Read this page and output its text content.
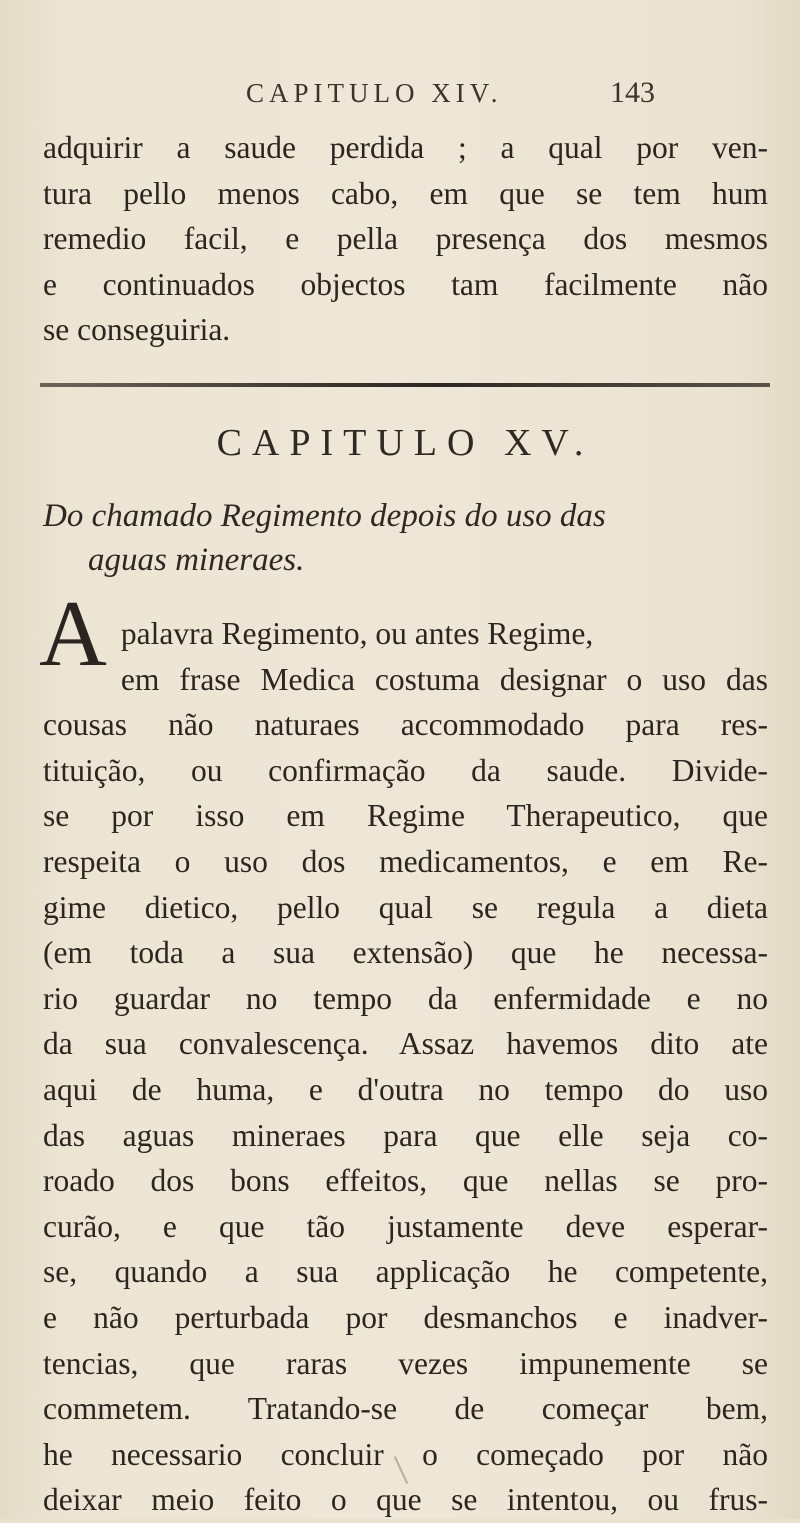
CAPITULO XIV.	143
adquirir a saude perdida ; a qual por ven-
tura pello menos cabo, em que se tem hum
remedio facil, e pella presença dos mesmos
e continuados objectos tam facilmente não
se conseguiria.
CAPITULO XV.
Do chamado Regimento depois do uso das
aguas mineraes.
A palavra Regimento, ou antes Regime,
em frase Medica costuma designar o uso das
cousas não naturaes accommodado para res-
tituição, ou confirmação da saude. Divide-
se por isso em Regime Therapeutico, que
respeita o uso dos medicamentos, e em Re-
gime dietico, pello qual se regula a dieta
(em toda a sua extensão) que he necessa-
rio guardar no tempo da enfermidade e no
da sua convalescença. Assaz havemos dito ate
aqui de huma, e d'outra no tempo do uso
das aguas mineraes para que elle seja co-
roado dos bons effeitos, que nellas se pro-
curão, e que tão justamente deve esperar-
se, quando a sua applicação he competente,
e não perturbada por desmanchos e inadver-
tencias, que raras vezes impunemente se
commetem. Tratando-se de começar bem,
he necessario concluir o começado por não
deixar meio feito o que se intentou, ou frus-
